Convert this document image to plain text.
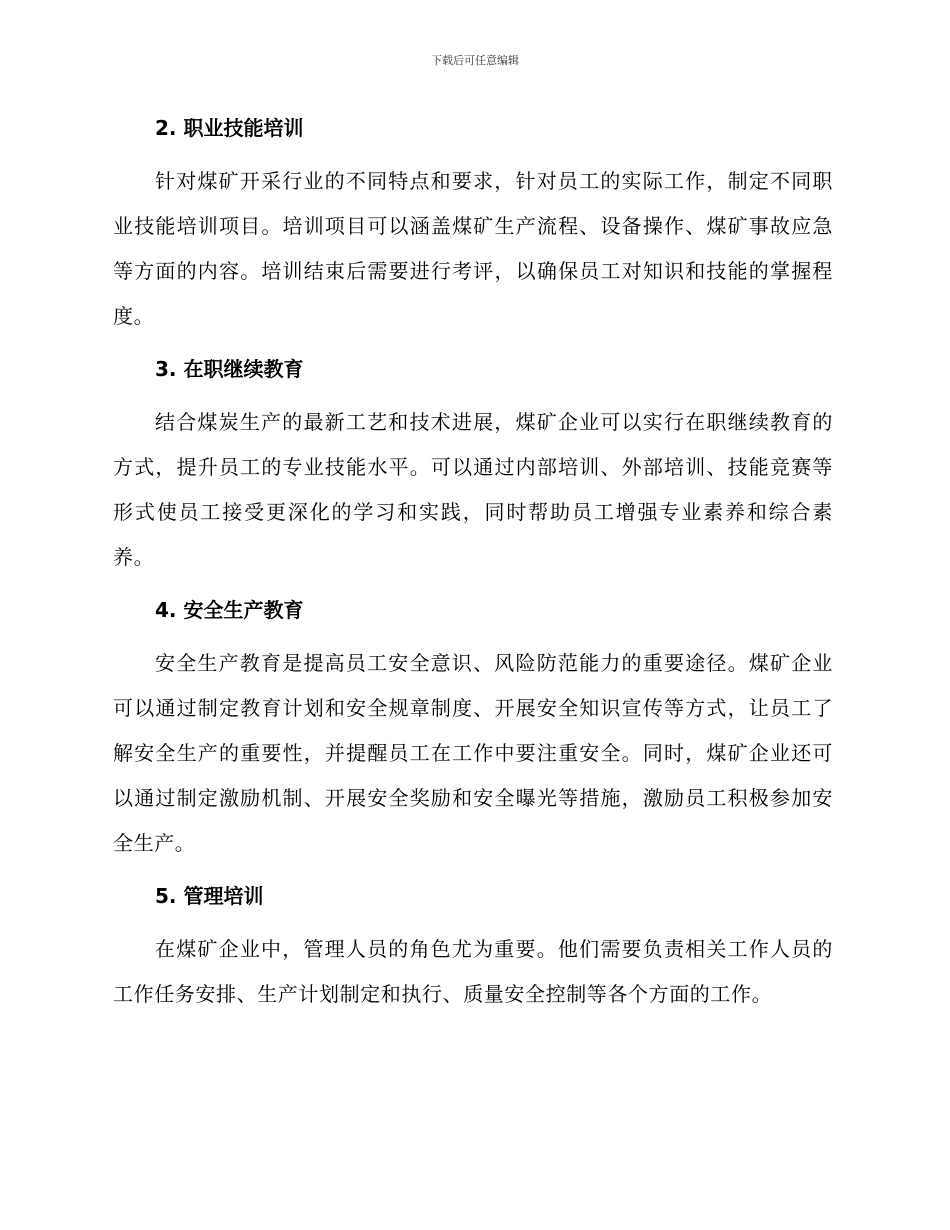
下载后可任意编辑
2. 职业技能培训

针对煤矿开采行业的不同特点和要求，针对员工的实际工作，制定不同职业技能培训项目。培训项目可以涵盖煤矿生产流程、设备操作、煤矿事故应急等方面的内容。培训结束后需要进行考评，以确保员工对知识和技能的掌握程度。

3. 在职继续教育

结合煤炭生产的最新工艺和技术进展，煤矿企业可以实行在职继续教育的方式，提升员工的专业技能水平。可以通过内部培训、外部培训、技能竞赛等形式使员工接受更深化的学习和实践，同时帮助员工增强专业素养和综合素养。

4. 安全生产教育

安全生产教育是提高员工安全意识、风险防范能力的重要途径。煤矿企业可以通过制定教育计划和安全规章制度、开展安全知识宣传等方式，让员工了解安全生产的重要性，并提醒员工在工作中要注重安全。同时，煤矿企业还可以通过制定激励机制、开展安全奖励和安全曝光等措施，激励员工积极参加安全生产。

5. 管理培训

在煤矿企业中，管理人员的角色尤为重要。他们需要负责相关工作人员的工作任务安排、生产计划制定和执行、质量安全控制等各个方面的工作。
